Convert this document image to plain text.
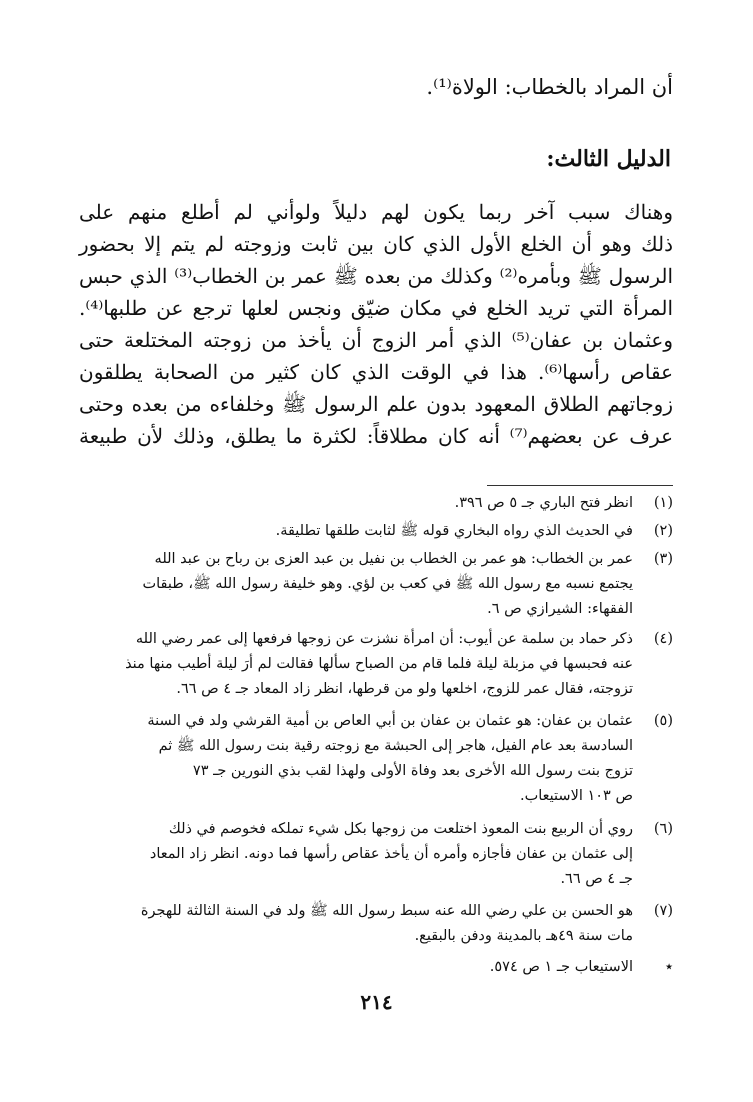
أن المراد بالخطاب: الولاة⁽¹⁾.
الدليل الثالث:
وهناك سبب آخر ربما يكون لهم دليلاً ولوأني لم أطلع منهم على
ذلك وهو أن الخلع الأول الذي كان بين ثابت وزوجته لم يتم إلا بحضور
الرسول ﷺ وبأمره⁽²⁾ وكذلك من بعده ﷺ عمر بن الخطاب⁽³⁾ الذي حبس
المرأة التي تريد الخلع في مكان ضيّق ونجس لعلها ترجع عن طلبها⁽⁴⁾.
وعثمان بن عفان⁽⁵⁾ الذي أمر الزوج أن يأخذ من زوجته المختلعة حتى
عقاص رأسها⁽⁶⁾. هذا في الوقت الذي كان كثير من الصحابة يطلقون
زوجاتهم الطلاق المعهود بدون علم الرسول ﷺ وخلفاءه من بعده وحتى
عرف عن بعضهم⁽⁷⁾ أنه كان مطلاقاً: لكثرة ما يطلق، وذلك لأن طبيعة
(١)
انظر فتح الباري جـ ٥ ص ٣٩٦.
(٢)
في الحديث الذي رواه البخاري قوله ﷺ لثابت طلقها تطليقة.
(٣)
عمر بن الخطاب: هو عمر بن الخطاب بن نفيل بن عبد العزى بن رباح بن عبد الله
يجتمع نسبه مع رسول الله ﷺ في كعب بن لؤي. وهو خليفة رسول الله ﷺ، طبقات
الفقهاء: الشيرازي ص ٦.
(٤)
ذكر حماد بن سلمة عن أيوب: أن امرأة نشزت عن زوجها فرفعها إلى عمر رضي الله
عنه فحبسها في مزبلة ليلة فلما قام من الصباح سألها فقالت لم أرَ ليلة أطيب منها منذ
تزوجته، فقال عمر للزوج، اخلعها ولو من قرطها، انظر زاد المعاد جـ ٤ ص ٦٦.
(٥)
عثمان بن عفان: هو عثمان بن عفان بن أبي العاص بن أمية القرشي ولد في السنة
السادسة بعد عام الفيل، هاجر إلى الحبشة مع زوجته رقية بنت رسول الله ﷺ ثم
تزوج بنت رسول الله الأخرى بعد وفاة الأولى ولهذا لقب بذي النورين جـ ٧٣
ص ١٠٣ الاستيعاب.
(٦)
روي أن الربيع بنت المعوذ اختلعت من زوجها بكل شيء تملكه فخوصم في ذلك
إلى عثمان بن عفان فأجازه وأمره أن يأخذ عقاص رأسها فما دونه. انظر زاد المعاد
جـ ٤ ص ٦٦.
(٧)
هو الحسن بن علي رضي الله عنه سبط رسول الله ﷺ ولد في السنة الثالثة للهجرة
مات سنة ٤٩هـ بالمدينة ودفن بالبقيع.
٭
الاستيعاب جـ ١ ص ٥٧٤.
٢١٤
